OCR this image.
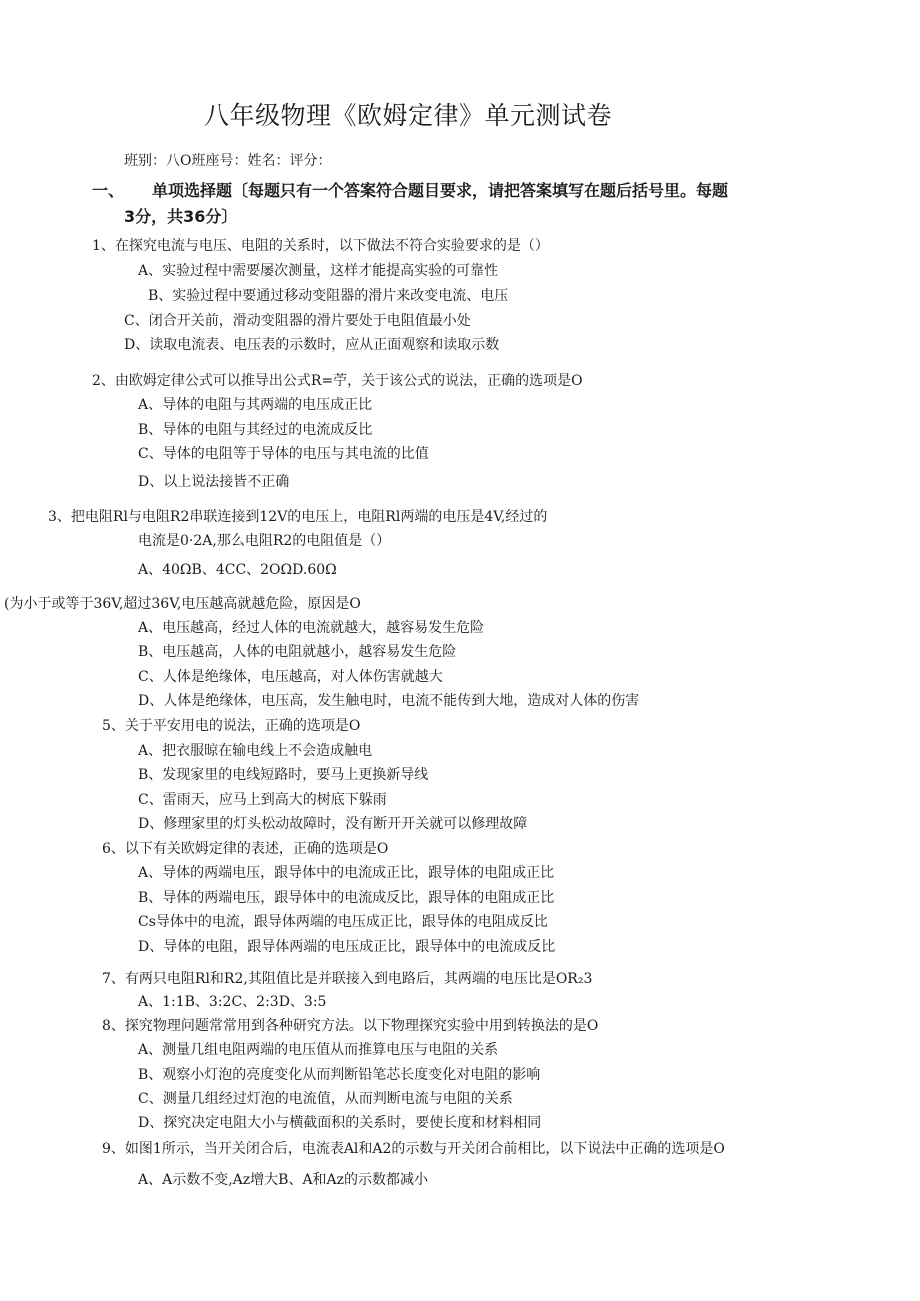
八年级物理《欧姆定律》单元测试卷
班别：八O班座号：姓名：评分：
一、 单项选择题〔每题只有一个答案符合题目要求，请把答案填写在题后括号里。每题
3分，共36分〕
1、在探究电流与电压、电阻的关系时，以下做法不符合实验要求的是（）
A、实验过程中需要屡次测量，这样才能提高实验的可靠性
B、实验过程中要通过移动变阻器的滑片来改变电流、电压
C、闭合开关前，滑动变阻器的滑片要处于电阻值最小处
D、读取电流表、电压表的示数时，应从正面观察和读取示数
2、由欧姆定律公式可以推导出公式R=苧，关于该公式的说法，正确的选项是O
A、导体的电阻与其两端的电压成正比
B、导体的电阻与其经过的电流成反比
C、导体的电阻等于导体的电压与其电流的比值
D、以上说法接皆不正确
3、把电阻Rl与电阻R2串联连接到12V的电压上，电阻Rl两端的电压是4V,经过的
电流是0·2A,那么电阻R2的电阻值是（）
A、40ΩB、4CC、2OΩD.60Ω
(为小于或等于36V,超过36V,电压越高就越危险，原因是O
A、电压越高，经过人体的电流就越大，越容易发生危险
B、电压越高，人体的电阻就越小，越容易发生危险
C、人体是绝缘体，电压越高，对人体伤害就越大
D、人体是绝缘体，电压高，发生触电时，电流不能传到大地，造成对人体的伤害
5、关于平安用电的说法，正确的选项是O
A、把衣服晾在输电线上不会造成触电
B、发现家里的电线短路时，要马上更换新导线
C、雷雨天，应马上到高大的树底下躲雨
D、修理家里的灯头松动故障时，没有断开开关就可以修理故障
6、以下有关欧姆定律的表述，正确的选项是O
A、导体的两端电压，跟导体中的电流成正比，跟导体的电阻成正比
B、导体的两端电压，跟导体中的电流成反比，跟导体的电阻成正比
Cs导体中的电流，跟导体两端的电压成正比，跟导体的电阻成反比
D、导体的电阻，跟导体两端的电压成正比，跟导体中的电流成反比
7、有两只电阻Rl和R2,其阻值比是并联接入到电路后，其两端的电压比是OR₂3
A、1:1B、3:2C、2:3D、3:5
8、探究物理问题常常用到各种研究方法。以下物理探究实验中用到转换法的是O
A、测量几组电阻两端的电压值从而推算电压与电阻的关系
B、观察小灯泡的亮度变化从而判断铅笔芯长度变化对电阻的影响
C、测量几组经过灯泡的电流值，从而判断电流与电阻的关系
D、探究决定电阻大小与横截面积的关系时，要使长度和材料相同
9、如图1所示，当开关闭合后，电流表Al和A2的示数与开关闭合前相比，以下说法中正确的选项是O
A、A示数不变,Az增大B、A和Az的示数都减小
